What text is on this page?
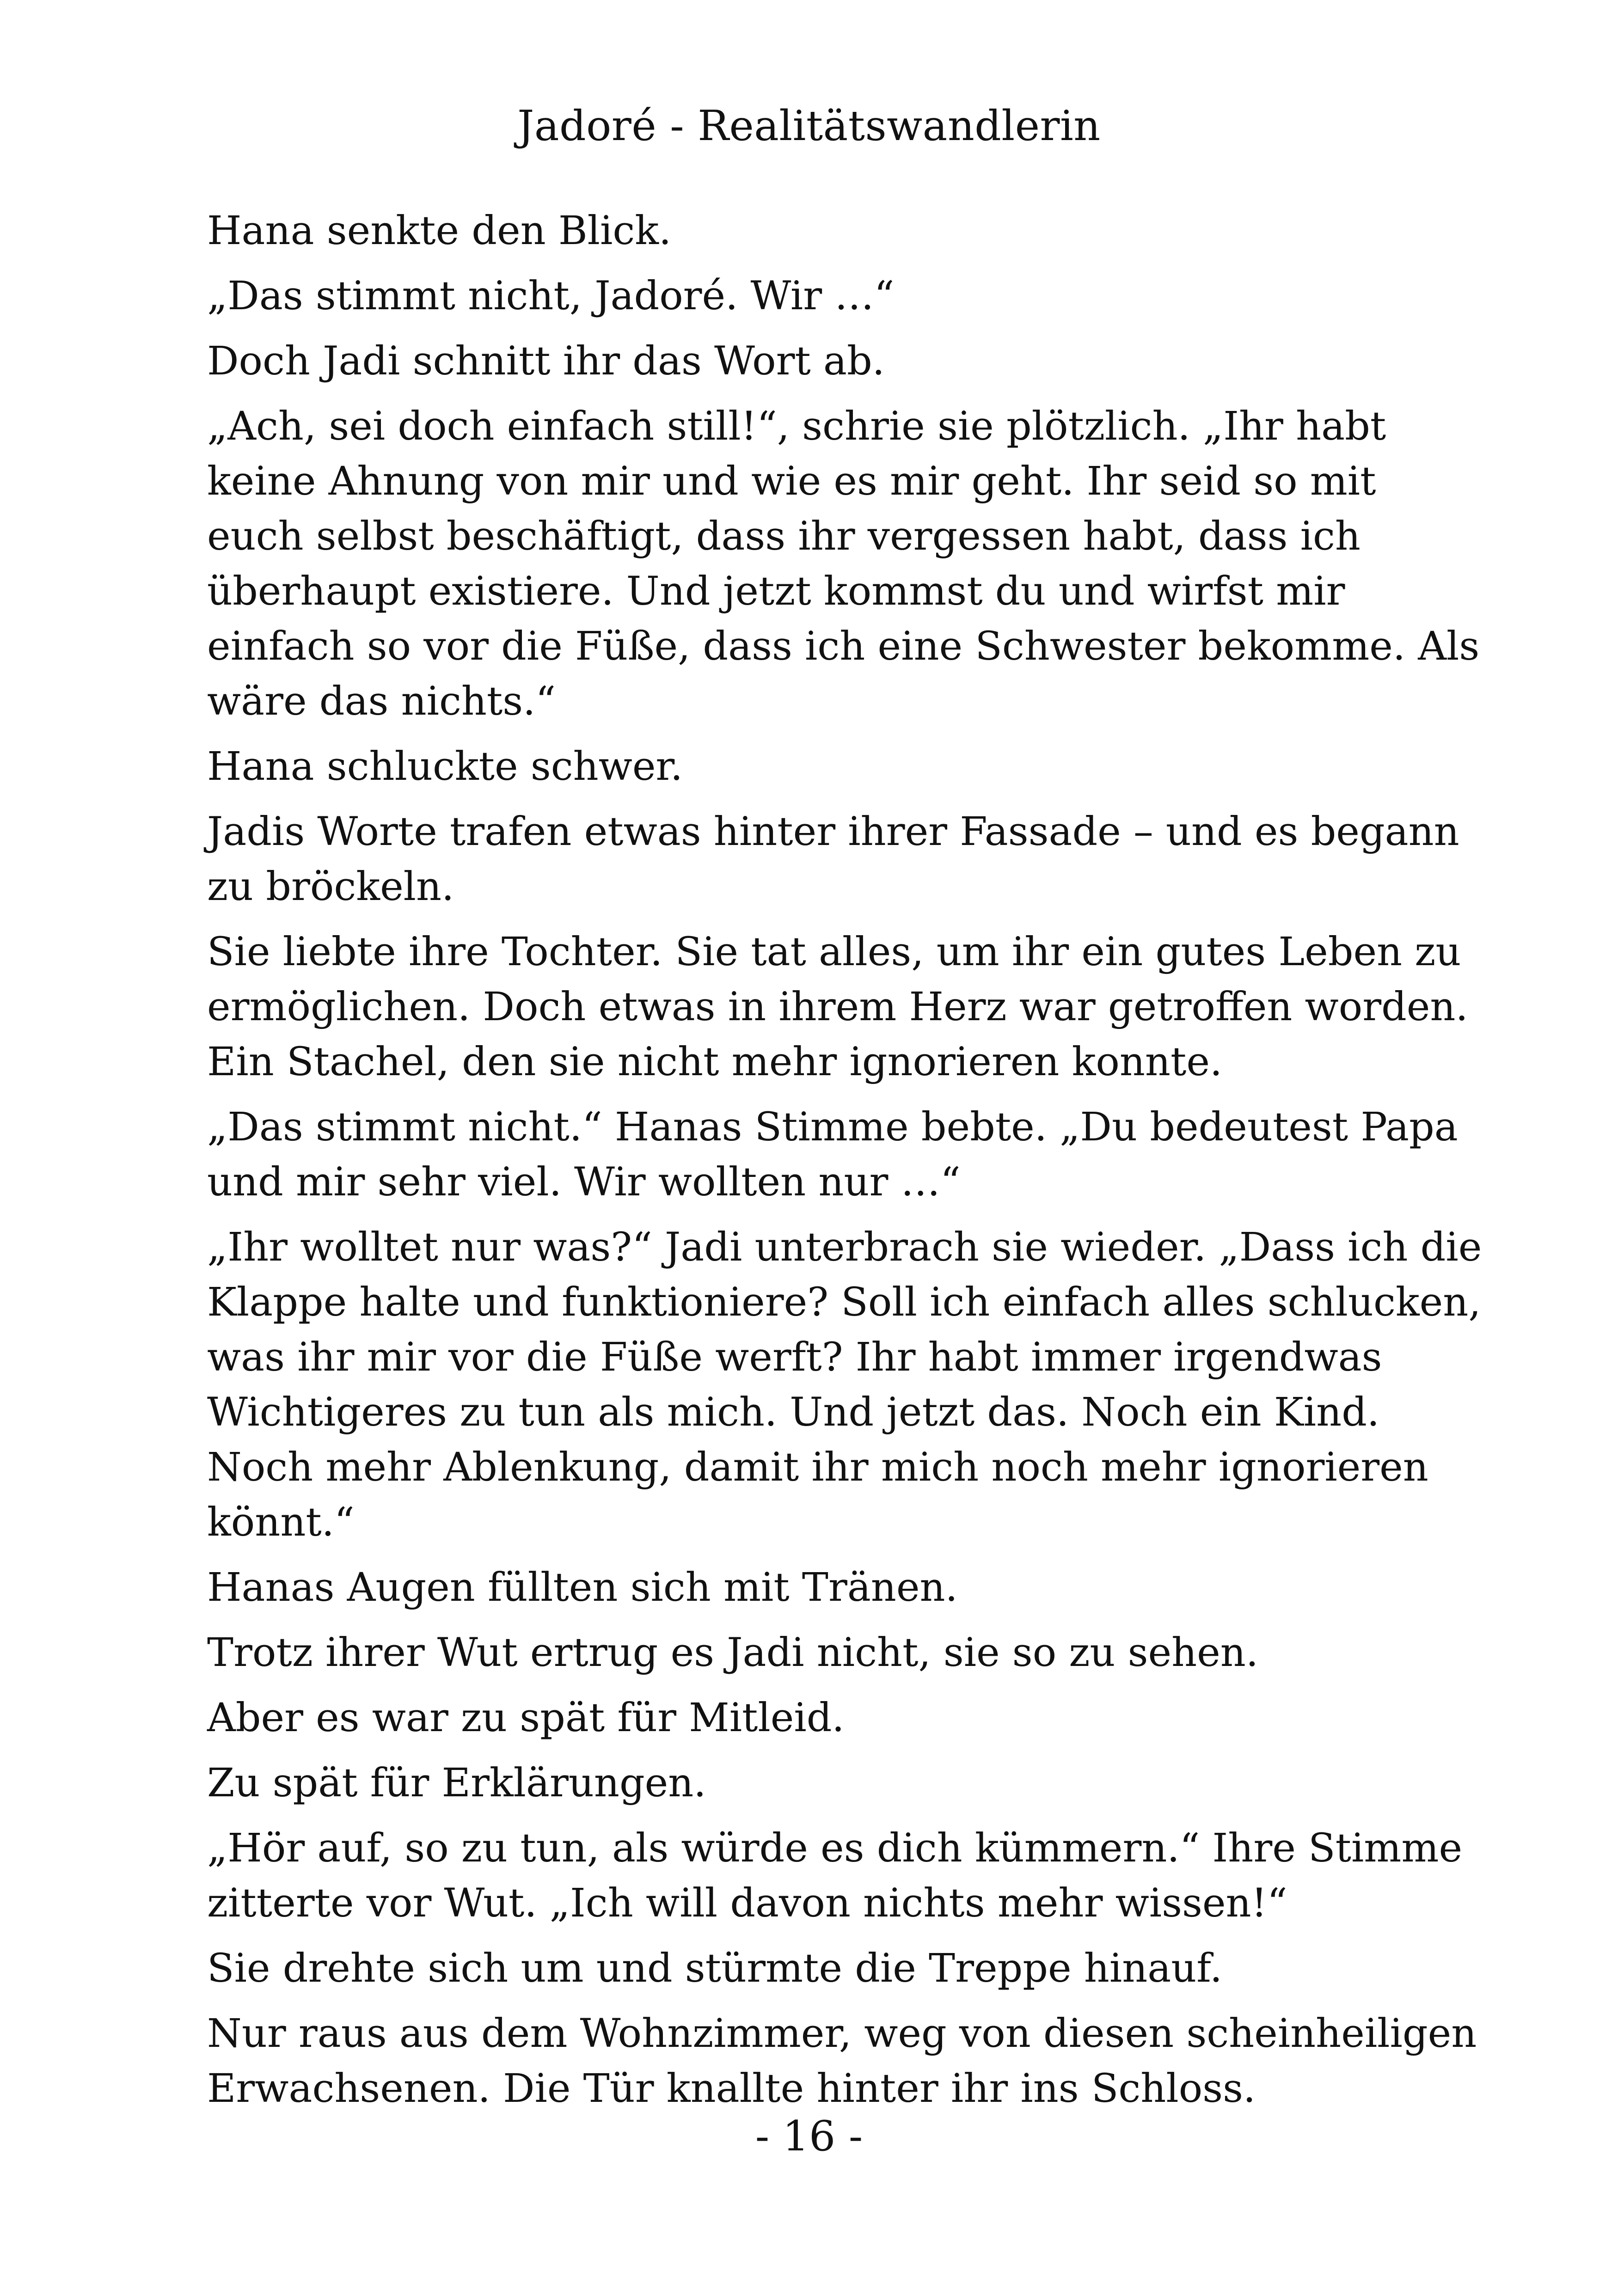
Jadoré - Realitätswandlerin

Hana senkte den Blick.

„Das stimmt nicht, Jadoré. Wir …“

Doch Jadi schnitt ihr das Wort ab.

„Ach, sei doch einfach still!“, schrie sie plötzlich. „Ihr habt keine Ahnung von mir und wie es mir geht. Ihr seid so mit euch selbst beschäftigt, dass ihr vergessen habt, dass ich überhaupt existiere. Und jetzt kommst du und wirfst mir einfach so vor die Füße, dass ich eine Schwester bekomme. Als wäre das nichts.“

Hana schluckte schwer.

Jadis Worte trafen etwas hinter ihrer Fassade – und es begann zu bröckeln.

Sie liebte ihre Tochter. Sie tat alles, um ihr ein gutes Leben zu ermöglichen. Doch etwas in ihrem Herz war getroffen worden. Ein Stachel, den sie nicht mehr ignorieren konnte.

„Das stimmt nicht.“ Hanas Stimme bebte. „Du bedeutest Papa und mir sehr viel. Wir wollten nur …“

„Ihr wolltet nur was?“ Jadi unterbrach sie wieder. „Dass ich die Klappe halte und funktioniere? Soll ich einfach alles schlucken, was ihr mir vor die Füße werft? Ihr habt immer irgendwas Wichtigeres zu tun als mich. Und jetzt das. Noch ein Kind. Noch mehr Ablenkung, damit ihr mich noch mehr ignorieren könnt.“

Hanas Augen füllten sich mit Tränen.

Trotz ihrer Wut ertrug es Jadi nicht, sie so zu sehen.

Aber es war zu spät für Mitleid.

Zu spät für Erklärungen.

„Hör auf, so zu tun, als würde es dich kümmern.“ Ihre Stimme zitterte vor Wut. „Ich will davon nichts mehr wissen!“

Sie drehte sich um und stürmte die Treppe hinauf.

Nur raus aus dem Wohnzimmer, weg von diesen scheinheiligen Erwachsenen. Die Tür knallte hinter ihr ins Schloss.

- 16 -
